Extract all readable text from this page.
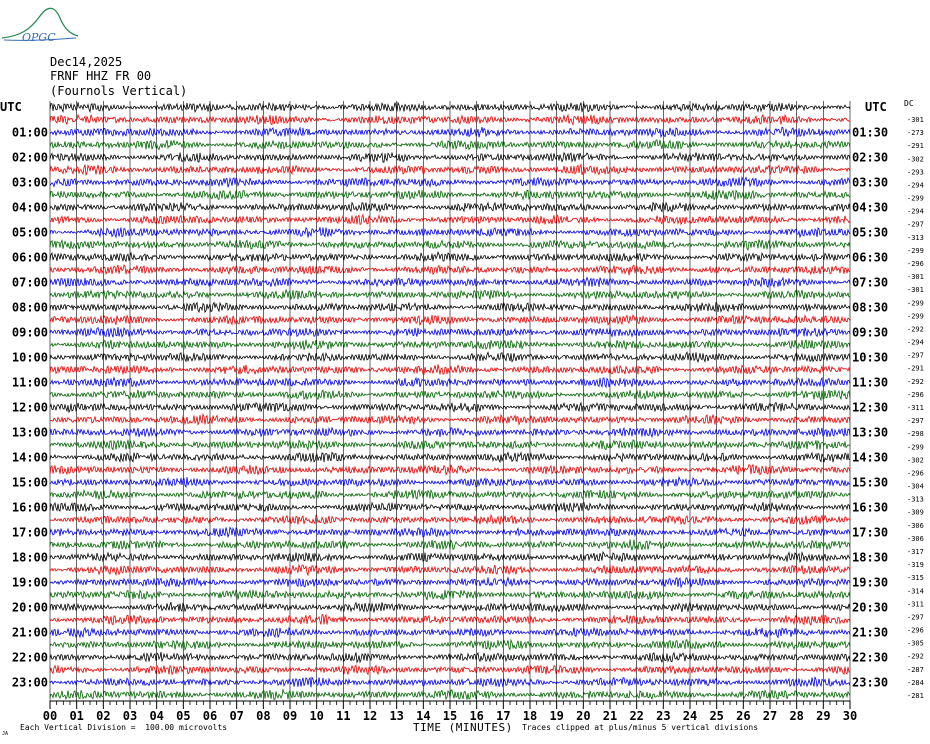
OPGC
Dec14,2025
FRNF HHZ FR 00
(Fournols Vertical)
01:00
02:00
03:00
04:00
05:00
06:00
07:00
08:00
09:00
10:00
11:00
12:00
13:00
14:00
15:00
16:00
17:00
18:00
19:00
20:00
21:00
22:00
23:00
01:30
02:30
03:30
04:30
05:30
06:30
07:30
08:30
09:30
10:30
11:30
12:30
13:30
14:30
15:30
16:30
17:30
18:30
19:30
20:30
21:30
22:30
23:30
UTC	UTC DC
-301
-273
-291
-302
-293
-294
-299
-294
-297
-313
-299
-296
-301
-301
-299
-299
-292
-294
-297
-291
-292
-296
-311
-297
-298
-299
-302
-296
-304
-313
-309
-306
-306
-317
-319
-315
-314
-311
-297
-296
-305
-292
-287
-284
-281
00 01 02 03 04 05 06 07 08 09 10 11 12 13 14 15 16 17 18 19 20 21 22 23 24 25 26 27 28 29 30
JA	TIME (MINUTES)
Each Vertical Division =  100.00 microvolts	Traces clipped at plus/minus 5 vertical divisions
